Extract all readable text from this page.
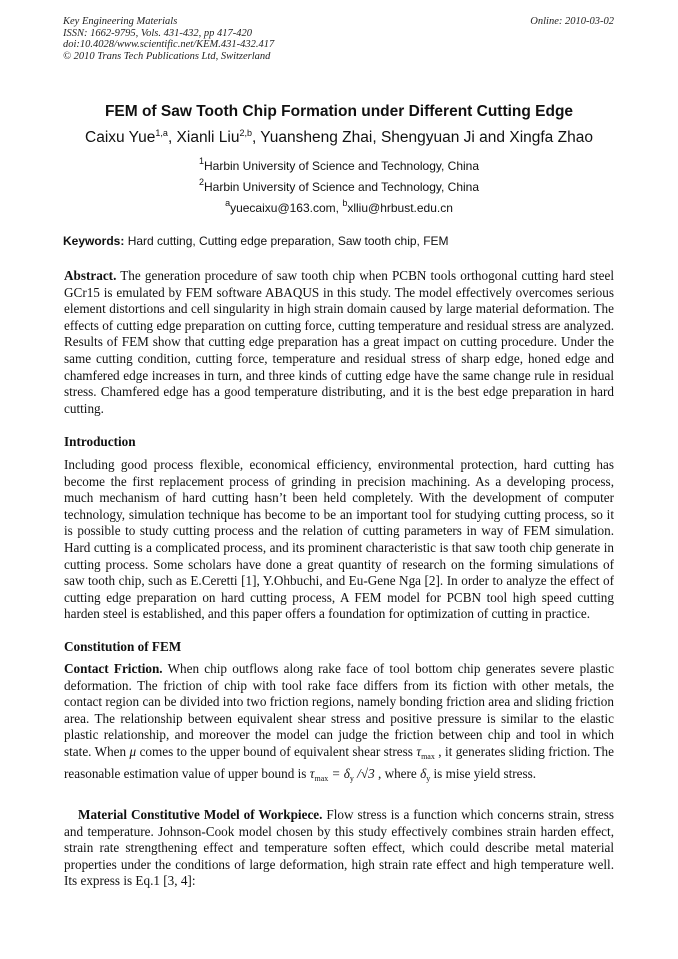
Key Engineering Materials
ISSN: 1662-9795, Vols. 431-432, pp 417-420
doi:10.4028/www.scientific.net/KEM.431-432.417
© 2010 Trans Tech Publications Ltd, Switzerland
Online: 2010-03-02
FEM of Saw Tooth Chip Formation under Different Cutting Edge
Caixu Yue$^{1,a}$, Xianli Liu$^{2,b}$, Yuansheng Zhai, Shengyuan Ji and Xingfa Zhao
$^1$Harbin University of Science and Technology, China
$^2$Harbin University of Science and Technology, China
$^a$yuecaixu@163.com, $^b$xlliu@hrbust.edu.cn
Keywords: Hard cutting, Cutting edge preparation, Saw tooth chip, FEM

Abstract. The generation procedure of saw tooth chip when PCBN tools orthogonal cutting hard steel GCr15 is emulated by FEM software ABAQUS in this study. The model effectively overcomes serious element distortions and cell singularity in high strain domain caused by large material deformation. The effects of cutting edge preparation on cutting force, cutting temperature and residual stress are analyzed. Results of FEM show that cutting edge preparation has a great impact on cutting procedure. Under the same cutting condition, cutting force, temperature and residual stress of sharp edge, honed edge and chamfered edge increases in turn, and three kinds of cutting edge have the same change rule in residual stress. Chamfered edge has a good temperature distributing, and it is the best edge preparation in hard cutting.

Introduction

Including good process flexible, economical efficiency, environmental protection, hard cutting has become the first replacement process of grinding in precision machining. As a developing process, much mechanism of hard cutting hasn’t been held completely. With the development of computer technology, simulation technique has become to be an important tool for studying cutting process, so it is possible to study cutting process and the relation of cutting parameters in way of FEM simulation. Hard cutting is a complicated process, and its prominent characteristic is that saw tooth chip generate in cutting process. Some scholars have done a great quantity of research on the forming simulations of saw tooth chip, such as E.Ceretti [1], Y.Ohbuchi, and Eu-Gene Nga [2]. In order to analyze the effect of cutting edge preparation on hard cutting process, A FEM model for PCBN tool high speed cutting harden steel is established, and this paper offers a foundation for optimization of cutting in practice.

Constitution of FEM

Contact Friction. When chip outflows along rake face of tool bottom chip generates severe plastic deformation. The friction of chip with tool rake face differs from its fiction with other metals, the contact region can be divided into two friction regions, namely bonding friction area and sliding friction area. The relationship between equivalent shear stress and positive pressure is similar to the elastic plastic relationship, and moreover the model can judge the friction between chip and tool in which state. When μ comes to the upper bound of equivalent shear stress $\tau_{max}$ , it generates sliding friction. The reasonable estimation value of upper bound is $\tau_{max} = \delta_y$ /√3 , where $\delta_y$ is mise yield stress.

Material Constitutive Model of Workpiece. Flow stress is a function which concerns strain, stress and temperature. Johnson-Cook model chosen by this study effectively combines strain harden effect, strain rate strengthening effect and temperature soften effect, which could describe metal material properties under the conditions of large deformation, high strain rate effect and high temperature well. Its express is Eq.1 [3, 4]:
